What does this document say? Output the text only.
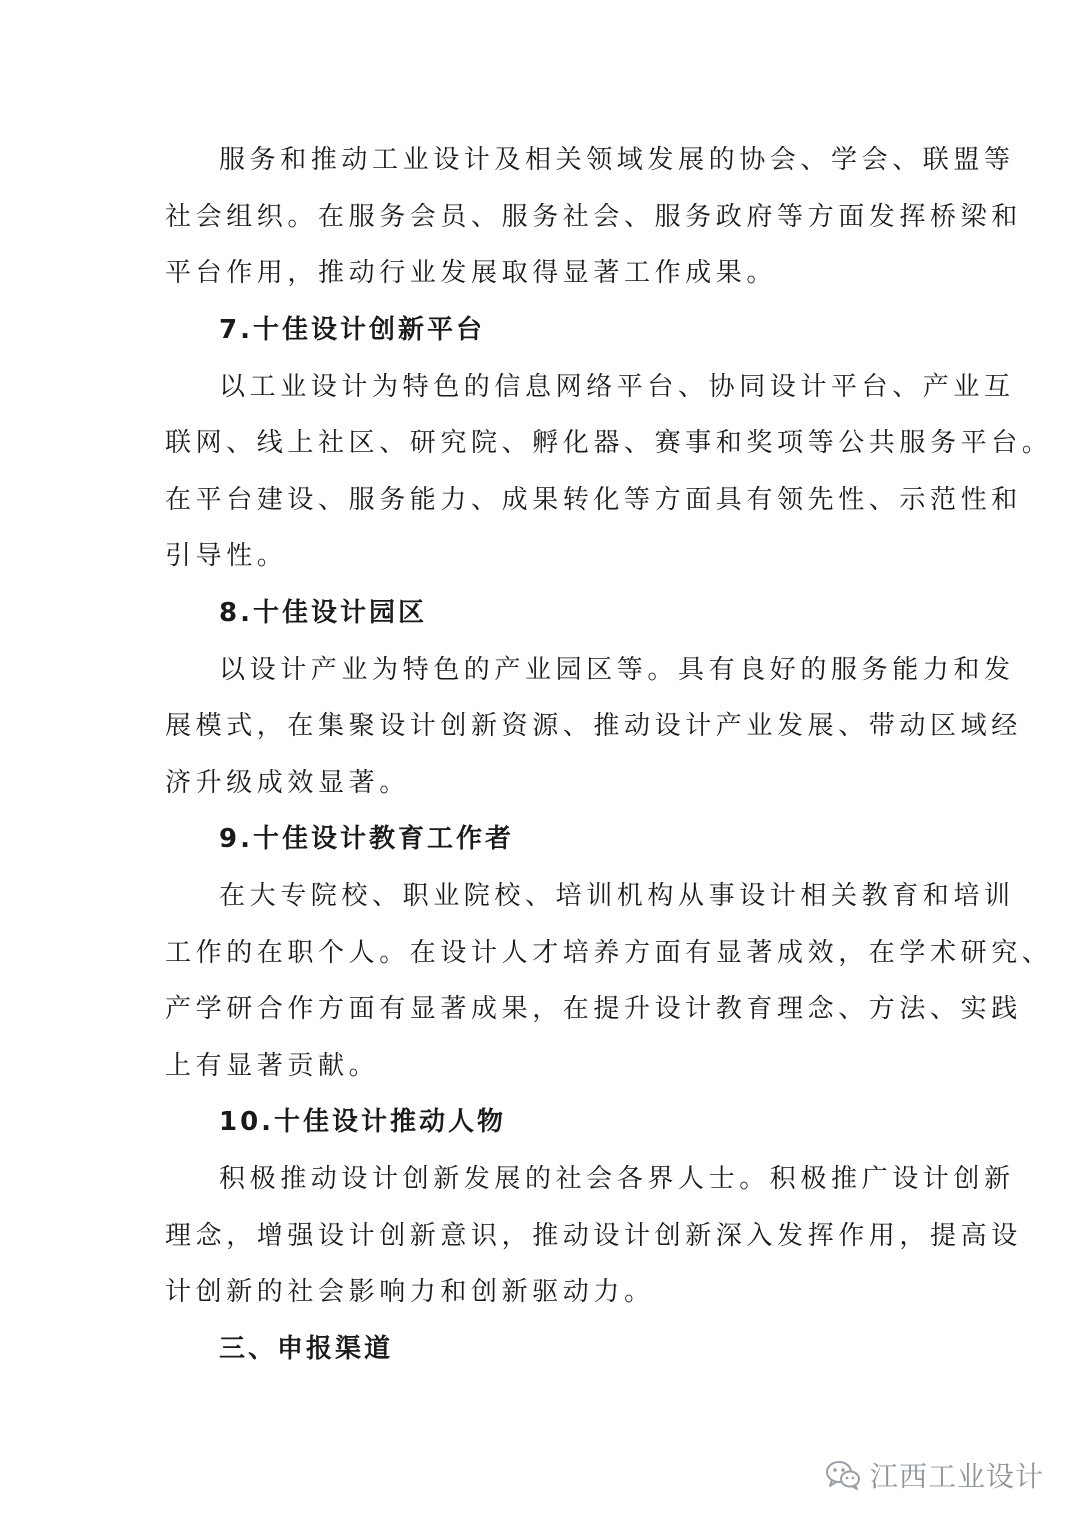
服务和推动工业设计及相关领域发展的协会、学会、联盟等
社会组织。在服务会员、服务社会、服务政府等方面发挥桥梁和
平台作用，推动行业发展取得显著工作成果。
7.十佳设计创新平台
以工业设计为特色的信息网络平台、协同设计平台、产业互
联网、线上社区、研究院、孵化器、赛事和奖项等公共服务平台。
在平台建设、服务能力、成果转化等方面具有领先性、示范性和
引导性。
8.十佳设计园区
以设计产业为特色的产业园区等。具有良好的服务能力和发
展模式，在集聚设计创新资源、推动设计产业发展、带动区域经
济升级成效显著。
9.十佳设计教育工作者
在大专院校、职业院校、培训机构从事设计相关教育和培训
工作的在职个人。在设计人才培养方面有显著成效，在学术研究、
产学研合作方面有显著成果，在提升设计教育理念、方法、实践
上有显著贡献。
10.十佳设计推动人物
积极推动设计创新发展的社会各界人士。积极推广设计创新
理念，增强设计创新意识，推动设计创新深入发挥作用，提高设
计创新的社会影响力和创新驱动力。
三、申报渠道
江西工业设计
